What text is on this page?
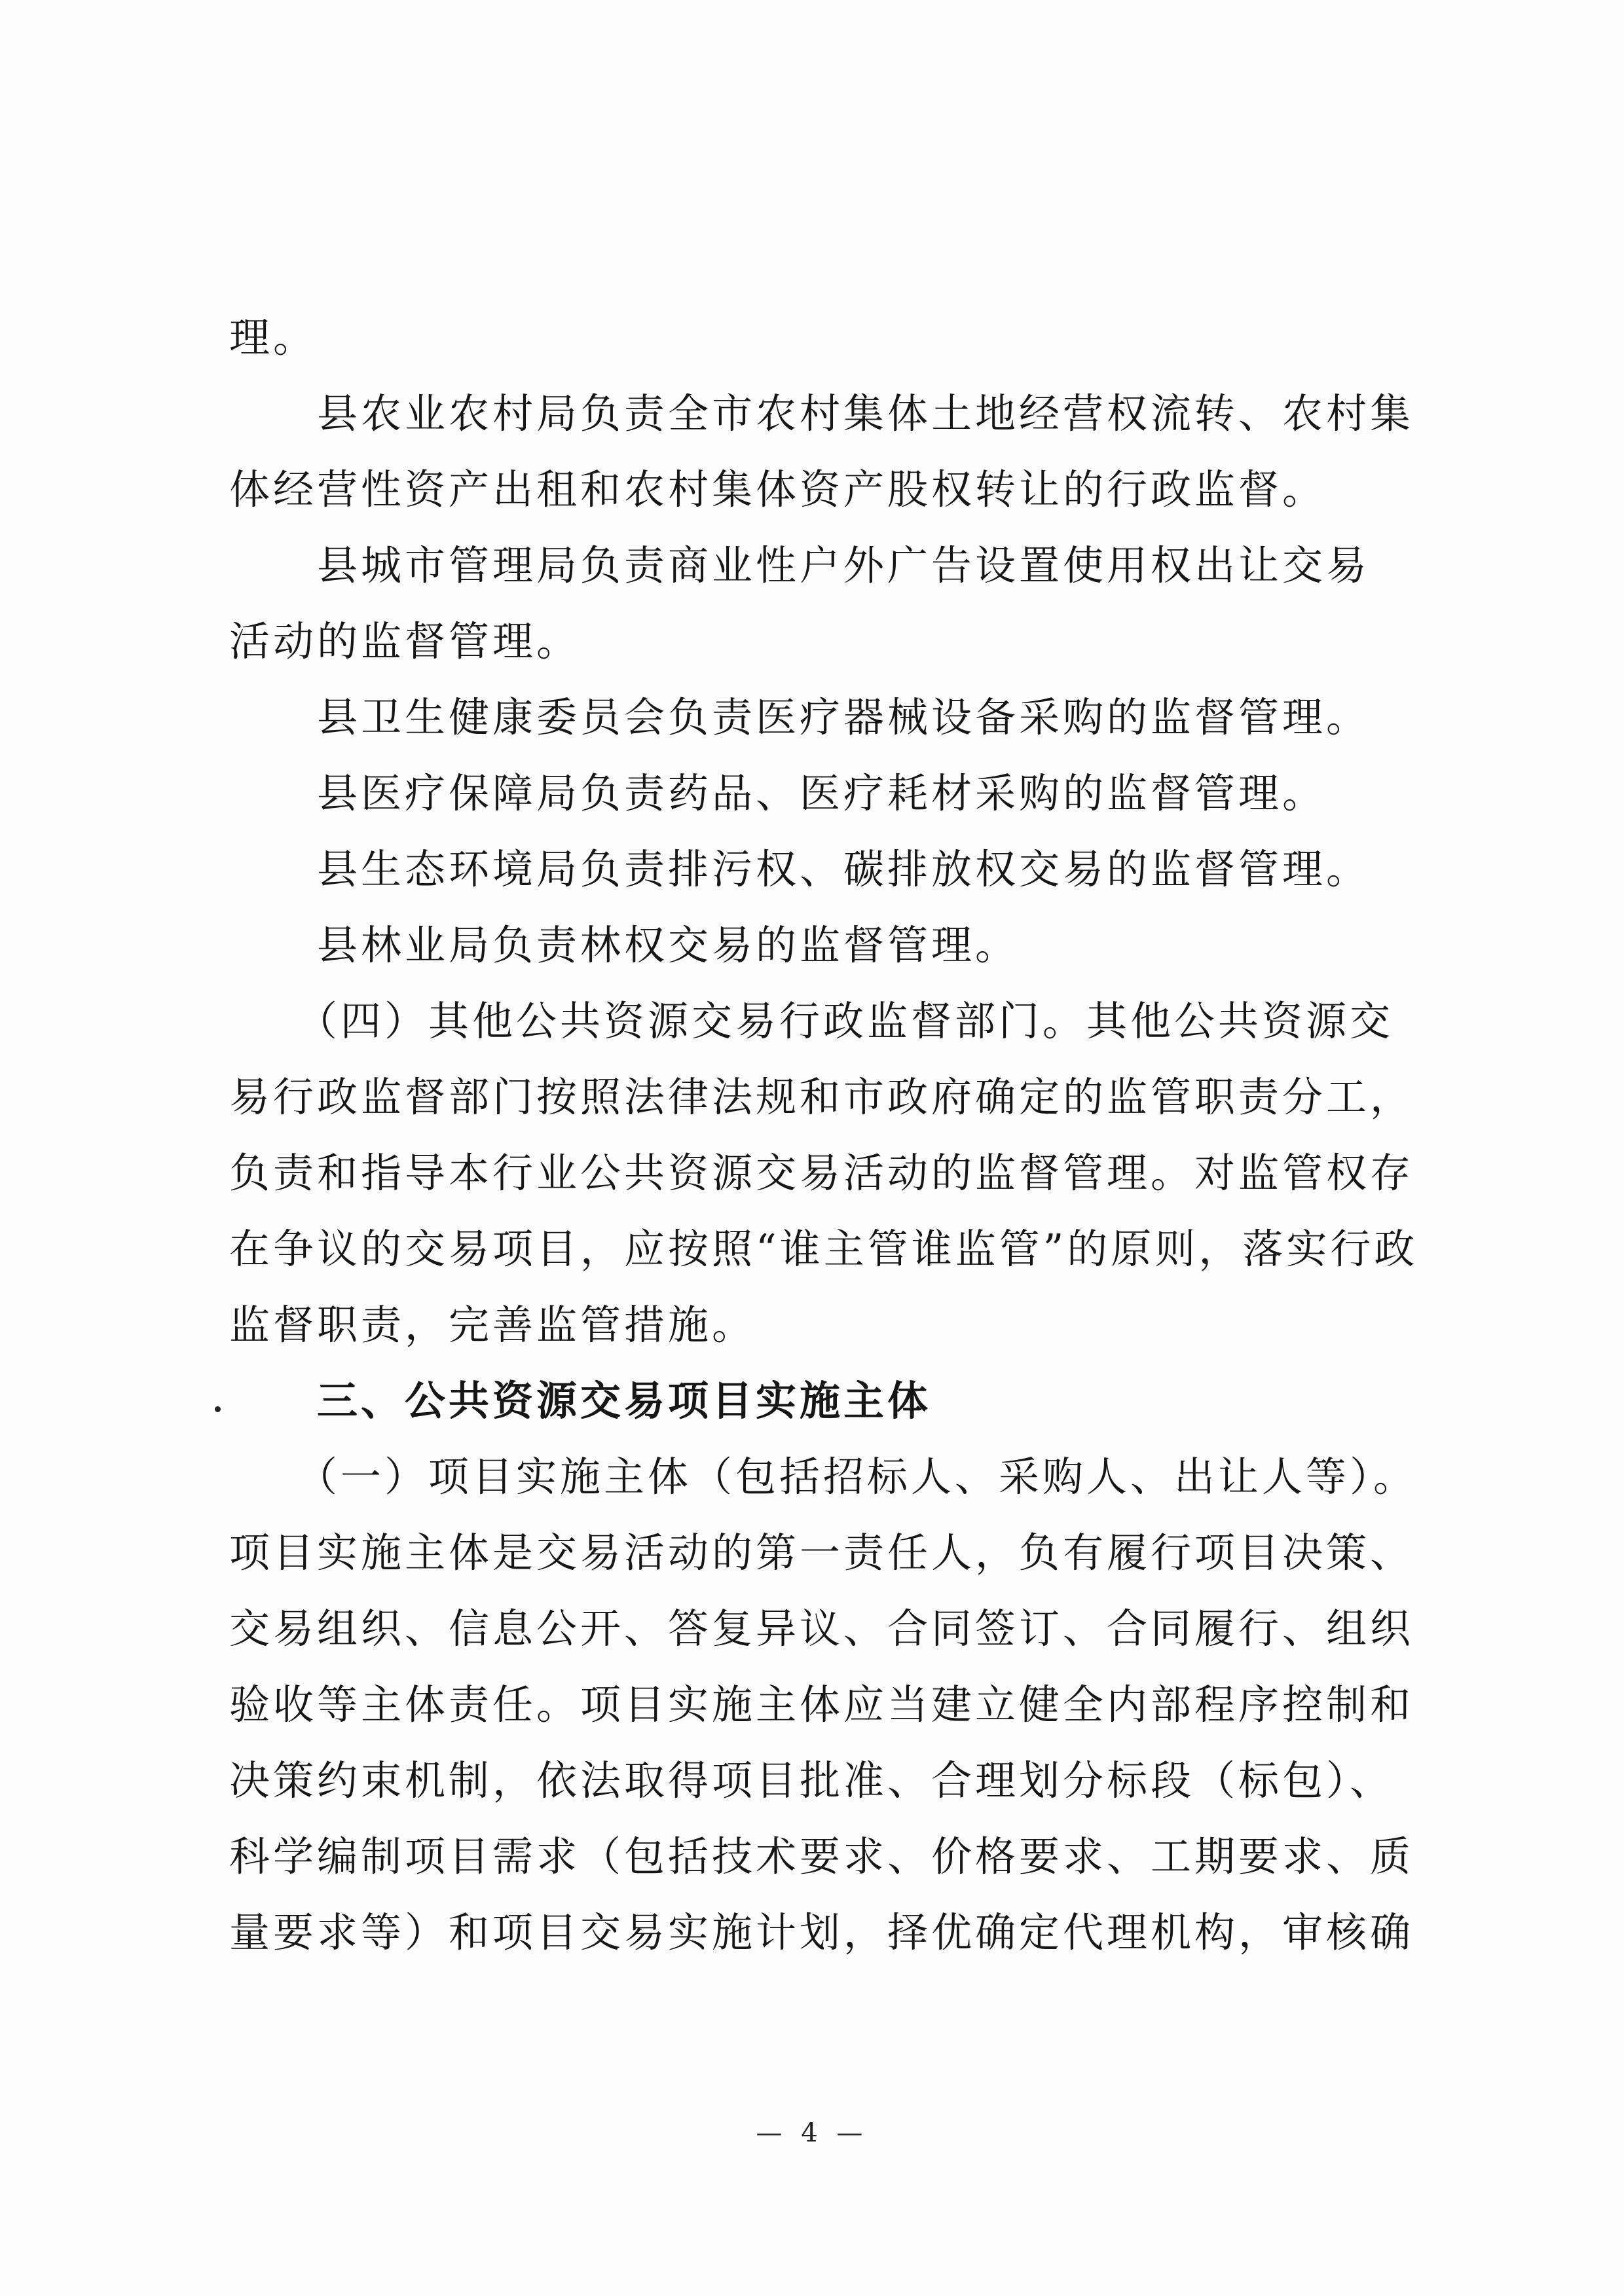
理。
　　县农业农村局负责全市农村集体土地经营权流转、农村集
体经营性资产出租和农村集体资产股权转让的行政监督。
　　县城市管理局负责商业性户外广告设置使用权出让交易
活动的监督管理。
　　县卫生健康委员会负责医疗器械设备采购的监督管理。
　　县医疗保障局负责药品、医疗耗材采购的监督管理。
　　县生态环境局负责排污权、碳排放权交易的监督管理。
　　县林业局负责林权交易的监督管理。
　　（四）其他公共资源交易行政监督部门。其他公共资源交
易行政监督部门按照法律法规和市政府确定的监管职责分工，
负责和指导本行业公共资源交易活动的监督管理。对监管权存
在争议的交易项目，应按照“谁主管谁监管”的原则，落实行政
监督职责，完善监管措施。
　　三、公共资源交易项目实施主体
　　（一）项目实施主体（包括招标人、采购人、出让人等）。
项目实施主体是交易活动的第一责任人，负有履行项目决策、
交易组织、信息公开、答复异议、合同签订、合同履行、组织
验收等主体责任。项目实施主体应当建立健全内部程序控制和
决策约束机制，依法取得项目批准、合理划分标段（标包）、
科学编制项目需求（包括技术要求、价格要求、工期要求、质
量要求等）和项目交易实施计划，择优确定代理机构，审核确
— 4 —
